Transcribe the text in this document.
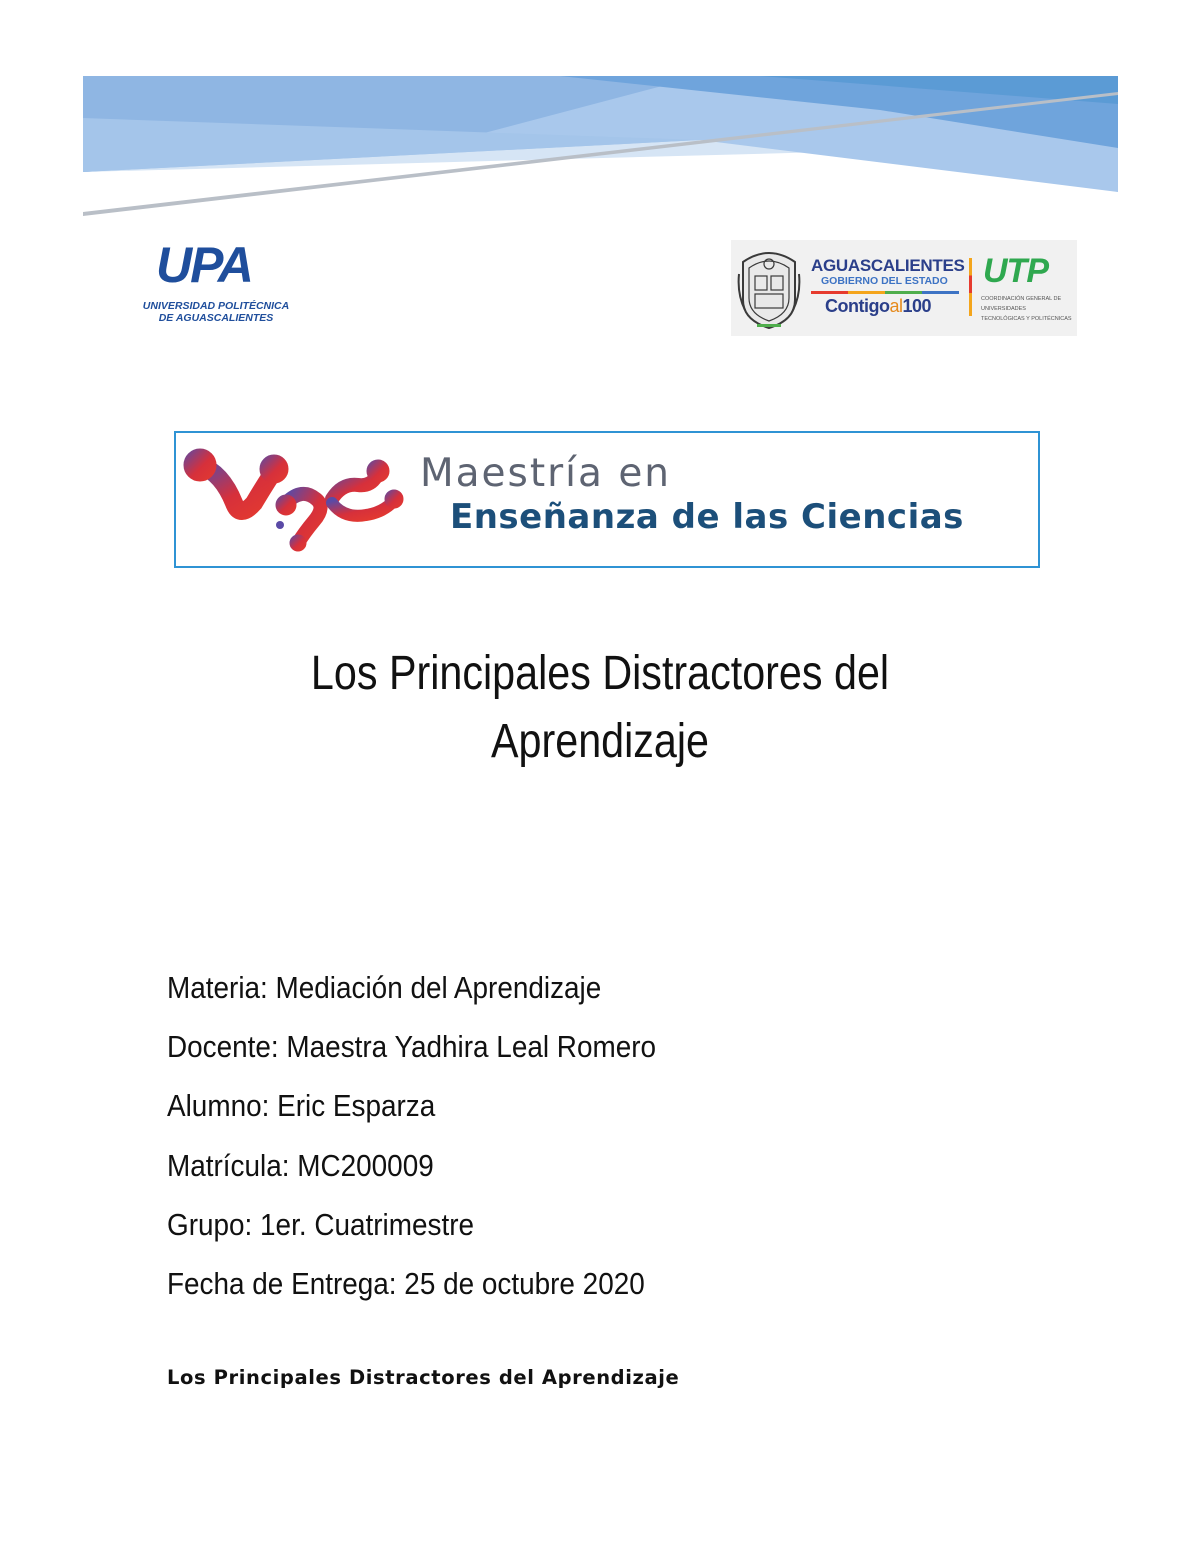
UPA
UNIVERSIDAD POLITÉCNICA
DE AGUASCALIENTES
AGUASCALIENTES
GOBIERNO DEL ESTADO
Contigoal100
UTP
COORDINACIÓN GENERAL DE UNIVERSIDADES
TECNOLÓGICAS Y POLITÉCNICAS
Maestría en
Enseñanza de las Ciencias
Los Principales Distractores del
Aprendizaje
Materia: Mediación del Aprendizaje
Docente: Maestra Yadhira Leal Romero
Alumno: Eric Esparza
Matrícula: MC200009
Grupo: 1er. Cuatrimestre
Fecha de Entrega: 25 de octubre 2020
Los Principales Distractores del Aprendizaje
